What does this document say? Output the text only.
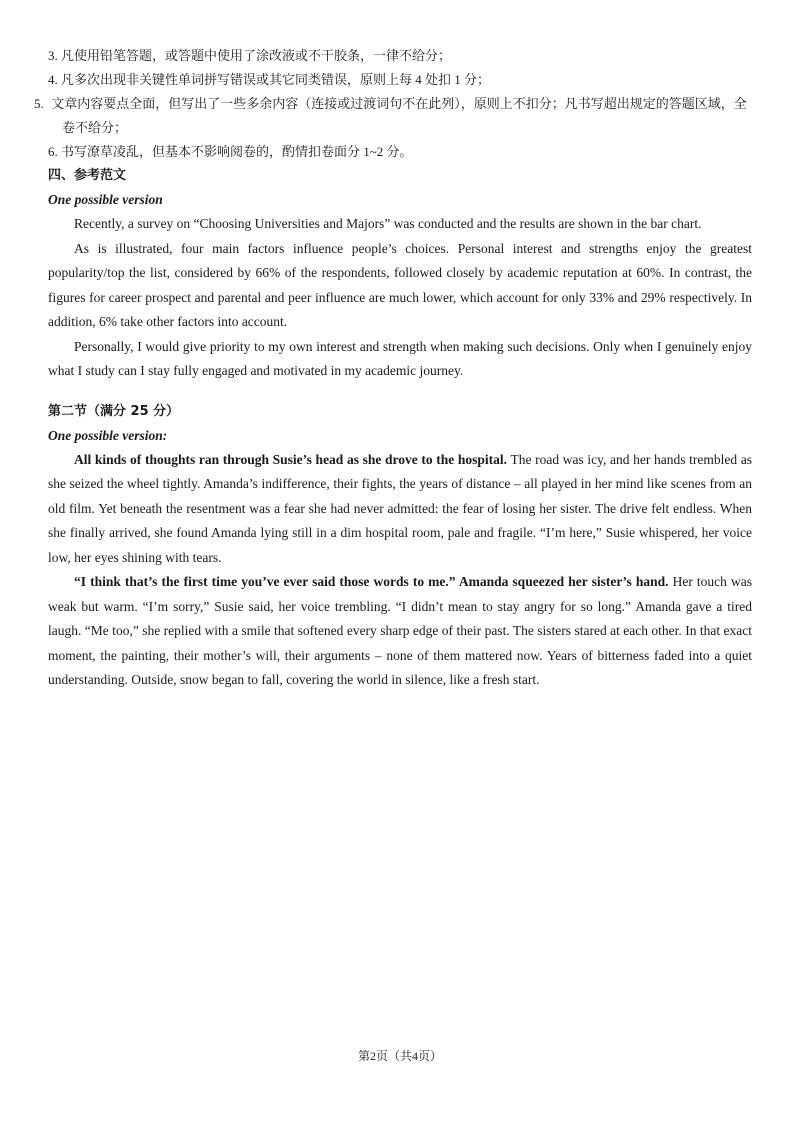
3. 凡使用铅笔答题，或答题中使用了涂改液或不干胶条，一律不给分；

4. 凡多次出现非关键性单词拼写错误或其它同类错误，原则上每 4 处扣 1 分；

5. 文章内容要点全面，但写出了一些多余内容（连接或过渡词句不在此列），原则上不扣分；凡书写超出规定的答题区域，全卷不给分；

6. 书写潦草凌乱，但基本不影响阅卷的，酌情扣卷面分 1~2 分。

四、参考范文

One possible version

Recently, a survey on “Choosing Universities and Majors” was conducted and the results are shown in the bar chart.

As is illustrated, four main factors influence people’s choices. Personal interest and strengths enjoy the greatest popularity/top the list, considered by 66% of the respondents, followed closely by academic reputation at 60%. In contrast, the figures for career prospect and parental and peer influence are much lower, which account for only 33% and 29% respectively. In addition, 6% take other factors into account.

Personally, I would give priority to my own interest and strength when making such decisions. Only when I genuinely enjoy what I study can I stay fully engaged and motivated in my academic journey.

第二节（满分 25 分）

One possible version:

All kinds of thoughts ran through Susie’s head as she drove to the hospital. The road was icy, and her hands trembled as she seized the wheel tightly. Amanda’s indifference, their fights, the years of distance – all played in her mind like scenes from an old film. Yet beneath the resentment was a fear she had never admitted: the fear of losing her sister. The drive felt endless. When she finally arrived, she found Amanda lying still in a dim hospital room, pale and fragile. “I’m here,” Susie whispered, her voice low, her eyes shining with tears.

“I think that’s the first time you’ve ever said those words to me.” Amanda squeezed her sister’s hand. Her touch was weak but warm. “I’m sorry,” Susie said, her voice trembling. “I didn’t mean to stay angry for so long.” Amanda gave a tired laugh. “Me too,” she replied with a smile that softened every sharp edge of their past. The sisters stared at each other. In that exact moment, the painting, their mother’s will, their arguments – none of them mattered now. Years of bitterness faded into a quiet understanding. Outside, snow began to fall, covering the world in silence, like a fresh start.

第2页（共4页）
